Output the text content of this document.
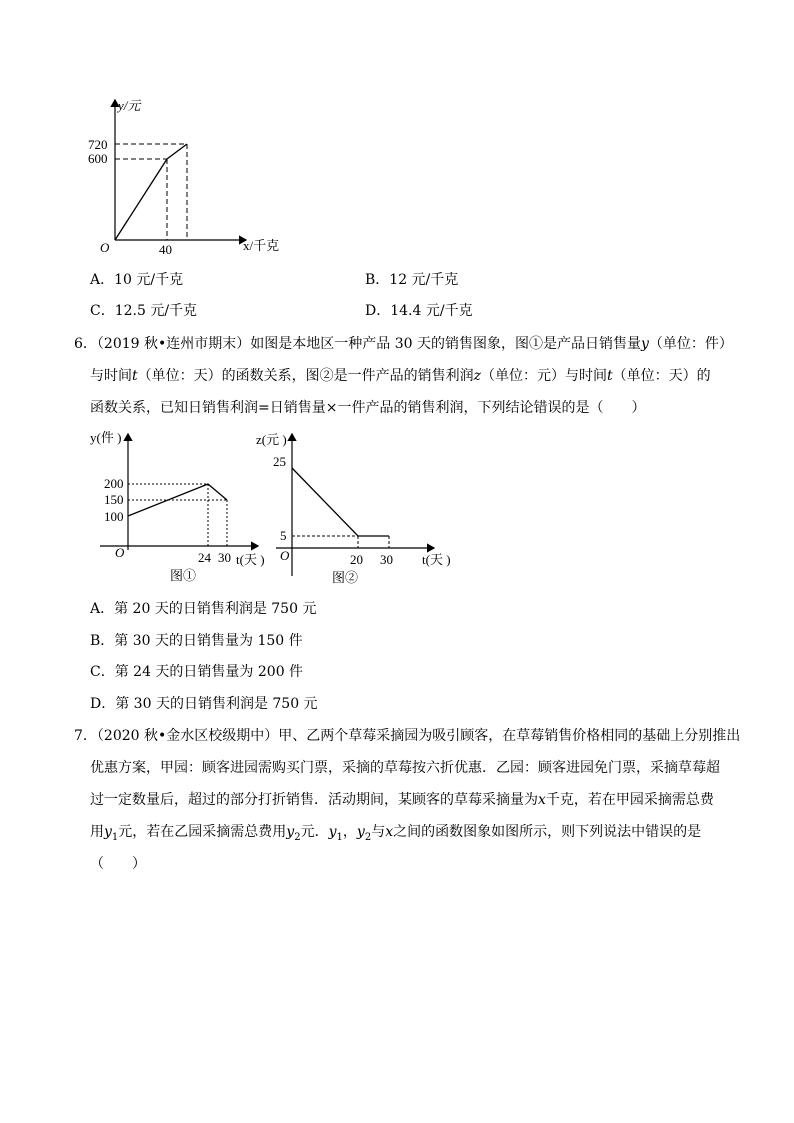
y/元
x/千克
O
720
600
40
A．10 元/千克	B．12 元/千克
C．12.5 元/千克	D．14.4 元/千克
6．（2019 秋•连州市期末）如图是本地区一种产品 30 天的销售图象，图①是产品日销售量y（单位：件）
与时间t（单位：天）的函数关系，图②是一件产品的销售利润z（单位：元）与时间t（单位：天）的
函数关系，已知日销售利润=日销售量×一件产品的销售利润，下列结论错误的是（　　）
y(件 )
t(天 )
O
200
150
100
24 30
图①
z(元 )
t(天 )
O
25
5
20 30
图②
A．第 20 天的日销售利润是 750 元
B．第 30 天的日销售量为 150 件
C．第 24 天的日销售量为 200 件
D．第 30 天的日销售利润是 750 元
7．（2020 秋•金水区校级期中）甲、乙两个草莓采摘园为吸引顾客，在草莓销售价格相同的基础上分别推出
优惠方案，甲园：顾客进园需购买门票，采摘的草莓按六折优惠．乙园：顾客进园免门票，采摘草莓超
过一定数量后，超过的部分打折销售．活动期间，某顾客的草莓采摘量为x千克，若在甲园采摘需总费
用$y_1$元，若在乙园采摘需总费用$y_2$元．$y_1$，$y_2$与x之间的函数图象如图所示，则下列说法中错误的是
（　　）
